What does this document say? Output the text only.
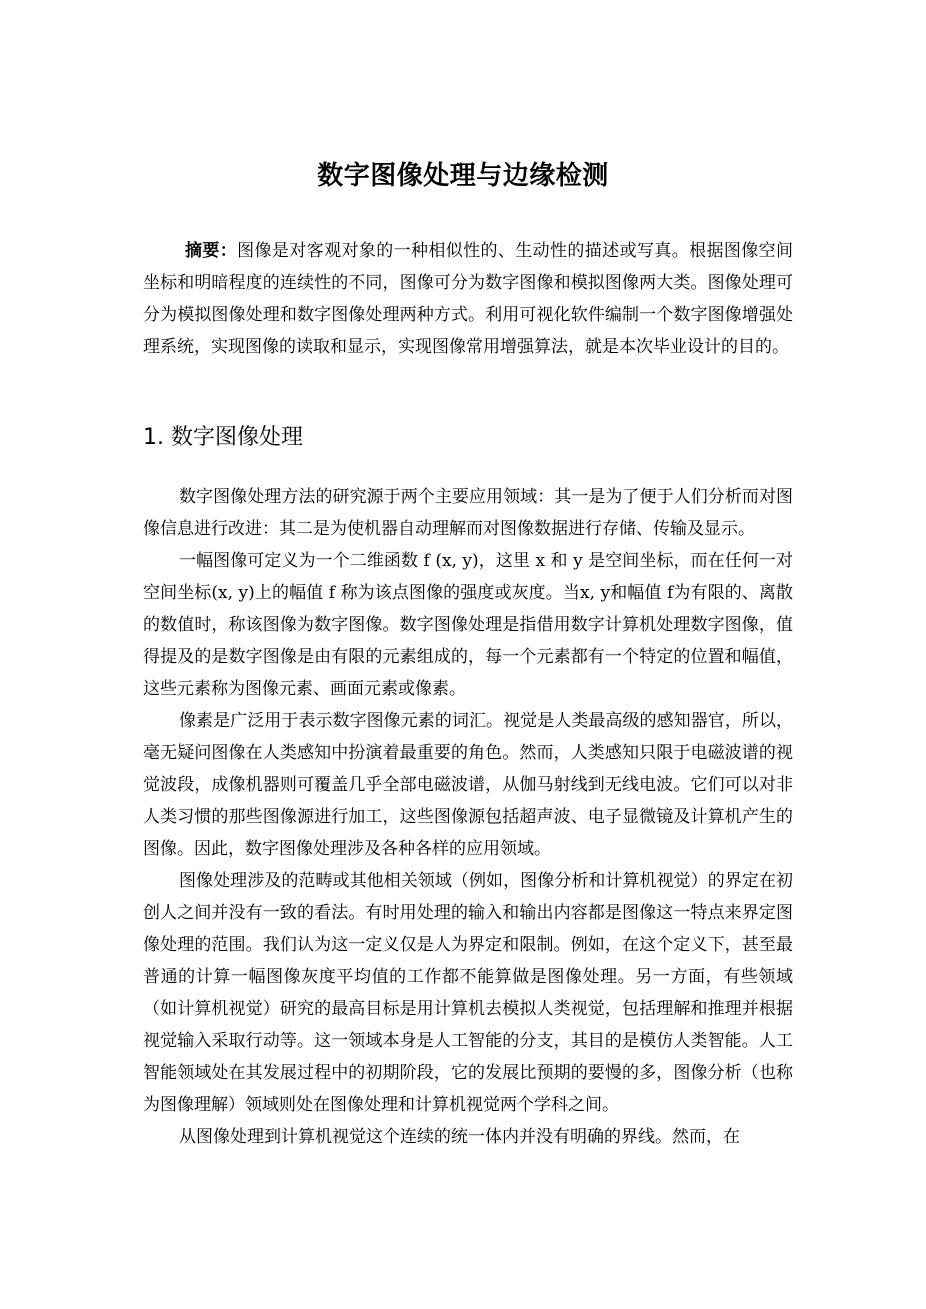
数字图像处理与边缘检测

摘要：图像是对客观对象的一种相似性的、生动性的描述或写真。根据图像空间坐标和明暗程度的连续性的不同，图像可分为数字图像和模拟图像两大类。图像处理可分为模拟图像处理和数字图像处理两种方式。利用可视化软件编制一个数字图像增强处理系统，实现图像的读取和显示，实现图像常用增强算法，就是本次毕业设计的目的。

1. 数字图像处理

数字图像处理方法的研究源于两个主要应用领域：其一是为了便于人们分析而对图像信息进行改进：其二是为使机器自动理解而对图像数据进行存储、传输及显示。

一幅图像可定义为一个二维函数 f (x, y)，这里 x 和 y 是空间坐标，而在任何一对空间坐标(x, y)上的幅值 f 称为该点图像的强度或灰度。当x, y和幅值 f为有限的、离散的数值时，称该图像为数字图像。数字图像处理是指借用数字计算机处理数字图像，值得提及的是数字图像是由有限的元素组成的，每一个元素都有一个特定的位置和幅值，这些元素称为图像元素、画面元素或像素。

像素是广泛用于表示数字图像元素的词汇。视觉是人类最高级的感知器官，所以，毫无疑问图像在人类感知中扮演着最重要的角色。然而，人类感知只限于电磁波谱的视觉波段，成像机器则可覆盖几乎全部电磁波谱，从伽马射线到无线电波。它们可以对非人类习惯的那些图像源进行加工，这些图像源包括超声波、电子显微镜及计算机产生的图像。因此，数字图像处理涉及各种各样的应用领域。

图像处理涉及的范畴或其他相关领域（例如，图像分析和计算机视觉）的界定在初创人之间并没有一致的看法。有时用处理的输入和输出内容都是图像这一特点来界定图像处理的范围。我们认为这一定义仅是人为界定和限制。例如，在这个定义下，甚至最普通的计算一幅图像灰度平均值的工作都不能算做是图像处理。另一方面，有些领域（如计算机视觉）研究的最高目标是用计算机去模拟人类视觉，包括理解和推理并根据视觉输入采取行动等。这一领域本身是人工智能的分支，其目的是模仿人类智能。人工智能领域处在其发展过程中的初期阶段，它的发展比预期的要慢的多，图像分析（也称为图像理解）领域则处在图像处理和计算机视觉两个学科之间。

从图像处理到计算机视觉这个连续的统一体内并没有明确的界线。然而，在
